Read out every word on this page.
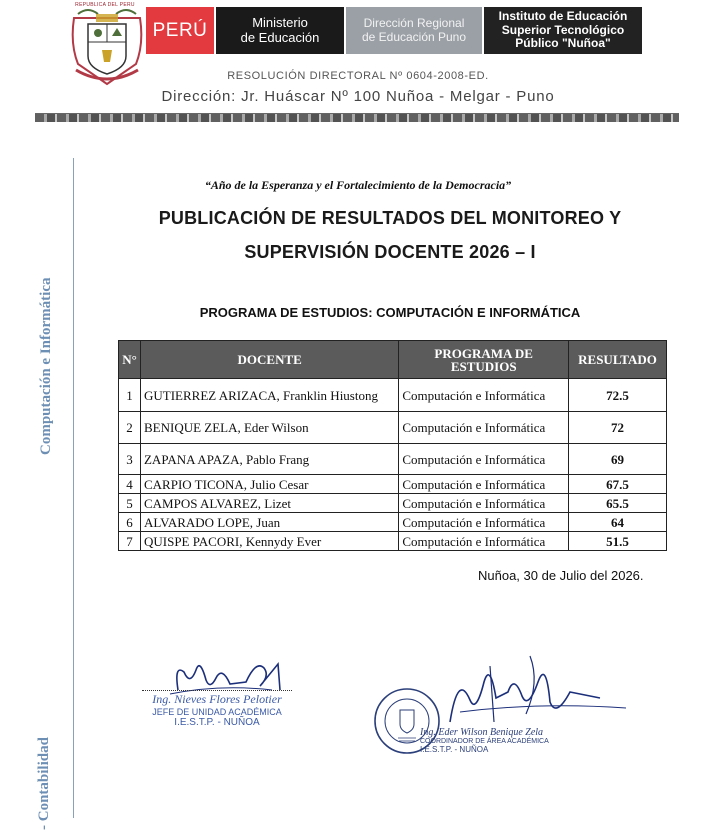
REPUBLICA DEL PERU
PERÚ	Ministerio
de Educación
Dirección Regional
de Educación Puno
Instituto de Educación
Superior Tecnológico
Público "Nuñoa"
RESOLUCIÓN DIRECTORAL Nº 0604-2008-ED.
Dirección: Jr. Huáscar Nº 100 Nuñoa - Melgar - Puno
Computación e Informática
- Contabilidad
“Año de la Esperanza y el Fortalecimiento de la Democracia”
PUBLICACIÓN DE RESULTADOS DEL MONITOREO Y
SUPERVISIÓN DOCENTE 2026 – I
PROGRAMA DE ESTUDIOS: COMPUTACIÓN E INFORMÁTICA
N°	DOCENTE	PROGRAMA DE ESTUDIOS	RESULTADO
1	GUTIERREZ ARIZACA, Franklin Hiustong	Computación e Informática	72.5
2	BENIQUE ZELA, Eder Wilson	Computación e Informática	72
3	ZAPANA APAZA, Pablo Frang	Computación e Informática	69
4	CARPIO TICONA, Julio Cesar	Computación e Informática	67.5
5	CAMPOS ALVAREZ, Lizet	Computación e Informática	65.5
6	ALVARADO LOPE, Juan	Computación e Informática	64
7	QUISPE PACORI, Kennydy Ever	Computación e Informática	51.5
Nuñoa, 30 de Julio del 2026.
Ing. Nieves Flores Pelotier
JEFE DE UNIDAD ACADÉMICA
I.E.S.T.P. - NUÑOA
Ing. Eder Wilson Benique Zela
COORDINADOR DE ÁREA ACADÉMICA
I.E.S.T.P. - NUÑOA
